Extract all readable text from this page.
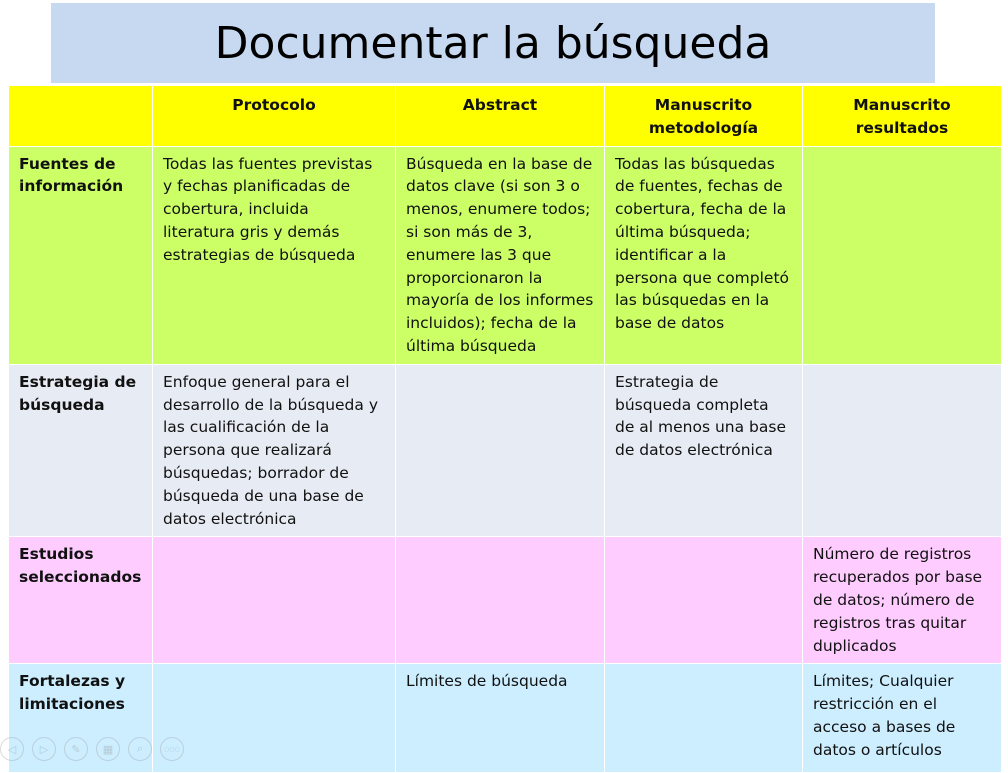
Documentar la búsqueda
	Protocolo	Abstract	Manuscrito metodología	Manuscrito resultados
Fuentes de información	Todas las fuentes previstas y fechas planificadas de cobertura, incluida literatura gris y demás estrategias de búsqueda	Búsqueda en la base de datos clave (si son 3 o menos, enumere todos; si son más de 3, enumere las 3 que proporcionaron la mayoría de los informes incluidos); fecha de la última búsqueda	Todas las búsquedas de fuentes, fechas de cobertura, fecha de la última búsqueda; identificar a la persona que completó las búsquedas en la base de datos	
Estrategia de búsqueda	Enfoque general para el desarrollo de la búsqueda y las cualificación de la persona que realizará búsquedas; borrador de búsqueda de una base de datos electrónica		Estrategia de búsqueda completa de al menos una base de datos electrónica	
Estudios seleccionados				Número de registros recuperados por base de datos; número de registros tras quitar duplicados
Fortalezas y limitaciones		Límites de búsqueda		Límites; Cualquier restricción en el acceso a bases de datos o artículos
◁	▷	✎	▦	⌕	○○○
